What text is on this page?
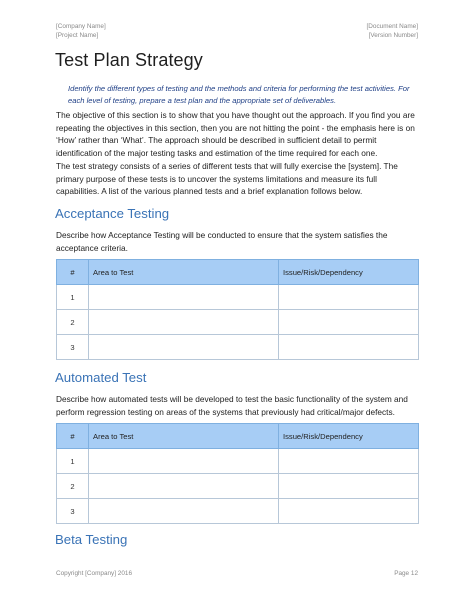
[Company Name]
[Project Name]
[Document Name]
[Version Number]
Test Plan Strategy
Identify the different types of testing and the methods and criteria for performing the test activities. For each level of testing, prepare a test plan and the appropriate set of deliverables.
The objective of this section is to show that you have thought out the approach. If you find you are repeating the objectives in this section, then you are not hitting the point - the emphasis here is on ‘How’ rather than ‘What’. The approach should be described in sufficient detail to permit identification of the major testing tasks and estimation of the time required for each one.
The test strategy consists of a series of different tests that will fully exercise the [system]. The primary purpose of these tests is to uncover the systems limitations and measure its full capabilities. A list of the various planned tests and a brief explanation follows below.
Acceptance Testing
Describe how Acceptance Testing will be conducted to ensure that the system satisfies the acceptance criteria.
#	Area to Test	Issue/Risk/Dependency
1		
2		
3		
Automated Test
Describe how automated tests will be developed to test the basic functionality of the system and perform regression testing on areas of the systems that previously had critical/major defects.
#	Area to Test	Issue/Risk/Dependency
1		
2		
3		
Beta Testing
Copyright [Company] 2016	Page 12
